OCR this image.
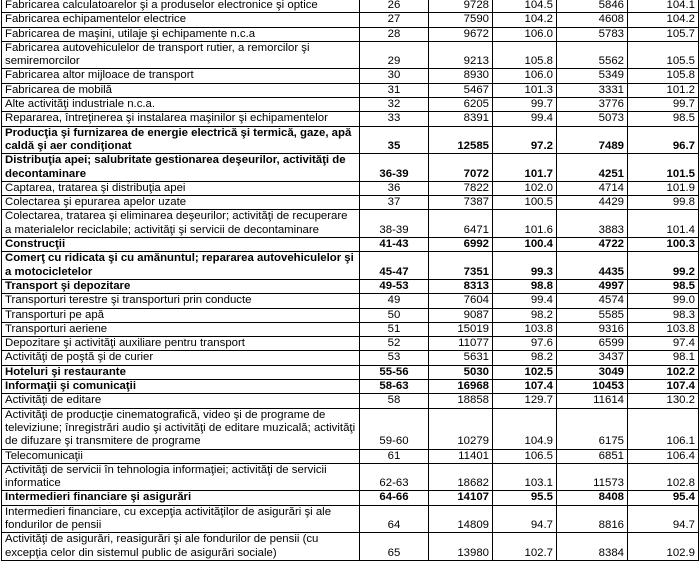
Fabricarea calculatoarelor şi a produselor electronice şi optice	26	9728	104.5	5846	104.1
Fabricarea echipamentelor electrice	27	7590	104.2	4608	104.2
Fabricarea de maşini, utilaje şi echipamente n.c.a	28	9672	106.0	5783	105.7
Fabricarea autovehiculelor de transport rutier, a remorcilor şi semiremorcilor	29	9213	105.8	5562	105.5
Fabricarea altor mijloace de transport	30	8930	106.0	5349	105.8
Fabricarea de mobilă	31	5467	101.3	3331	101.2
Alte activităţi industriale n.c.a.	32	6205	99.7	3776	99.7
Repararea, întreţinerea şi instalarea maşinilor şi echipamentelor	33	8391	99.4	5073	98.5
Producţia şi furnizarea de energie electrică şi termică, gaze, apă caldă şi aer condiţionat	35	12585	97.2	7489	96.7
Distribuţia apei; salubritate gestionarea deşeurilor, activităţi de decontaminare	36-39	7072	101.7	4251	101.5
Captarea, tratarea şi distribuţia apei	36	7822	102.0	4714	101.9
Colectarea şi epurarea apelor uzate	37	7387	100.5	4429	99.8
Colectarea, tratarea şi eliminarea deşeurilor; activităţi de recuperare a materialelor reciclabile; activităţi şi servicii de decontaminare	38-39	6471	101.6	3883	101.4
Construcţii	41-43	6992	100.4	4722	100.3
Comerţ cu ridicata şi cu amănuntul; repararea autovehiculelor şi a motocicletelor	45-47	7351	99.3	4435	99.2
Transport şi depozitare	49-53	8313	98.8	4997	98.5
Transporturi terestre şi transporturi prin conducte	49	7604	99.4	4574	99.0
Transporturi pe apă	50	9087	98.2	5585	98.3
Transporturi aeriene	51	15019	103.8	9316	103.8
Depozitare şi activităţi auxiliare pentru transport	52	11077	97.6	6599	97.4
Activităţi de poştă şi de curier	53	5631	98.2	3437	98.1
Hoteluri şi restaurante	55-56	5030	102.5	3049	102.2
Informaţii şi comunicaţii	58-63	16968	107.4	10453	107.4
Activităţi de editare	58	18858	129.7	11614	130.2
Activităţi de producţie cinematografică, video şi de programe de televiziune; înregistrări audio şi activităţi de editare muzicală; activităţi de difuzare şi transmitere de programe	59-60	10279	104.9	6175	106.1
Telecomunicaţii	61	11401	106.5	6851	106.4
Activităţi de servicii în tehnologia informaţiei; activităţi de servicii informatice	62-63	18682	103.1	11573	102.8
Intermedieri financiare şi asigurări	64-66	14107	95.5	8408	95.4
Intermedieri financiare, cu excepţia activităţilor de asigurări şi ale fondurilor de pensii	64	14809	94.7	8816	94.7
Activităţi de asigurări, reasigurări şi ale fondurilor de pensii (cu excepţia celor din sistemul public de asigurări sociale)	65	13980	102.7	8384	102.9
